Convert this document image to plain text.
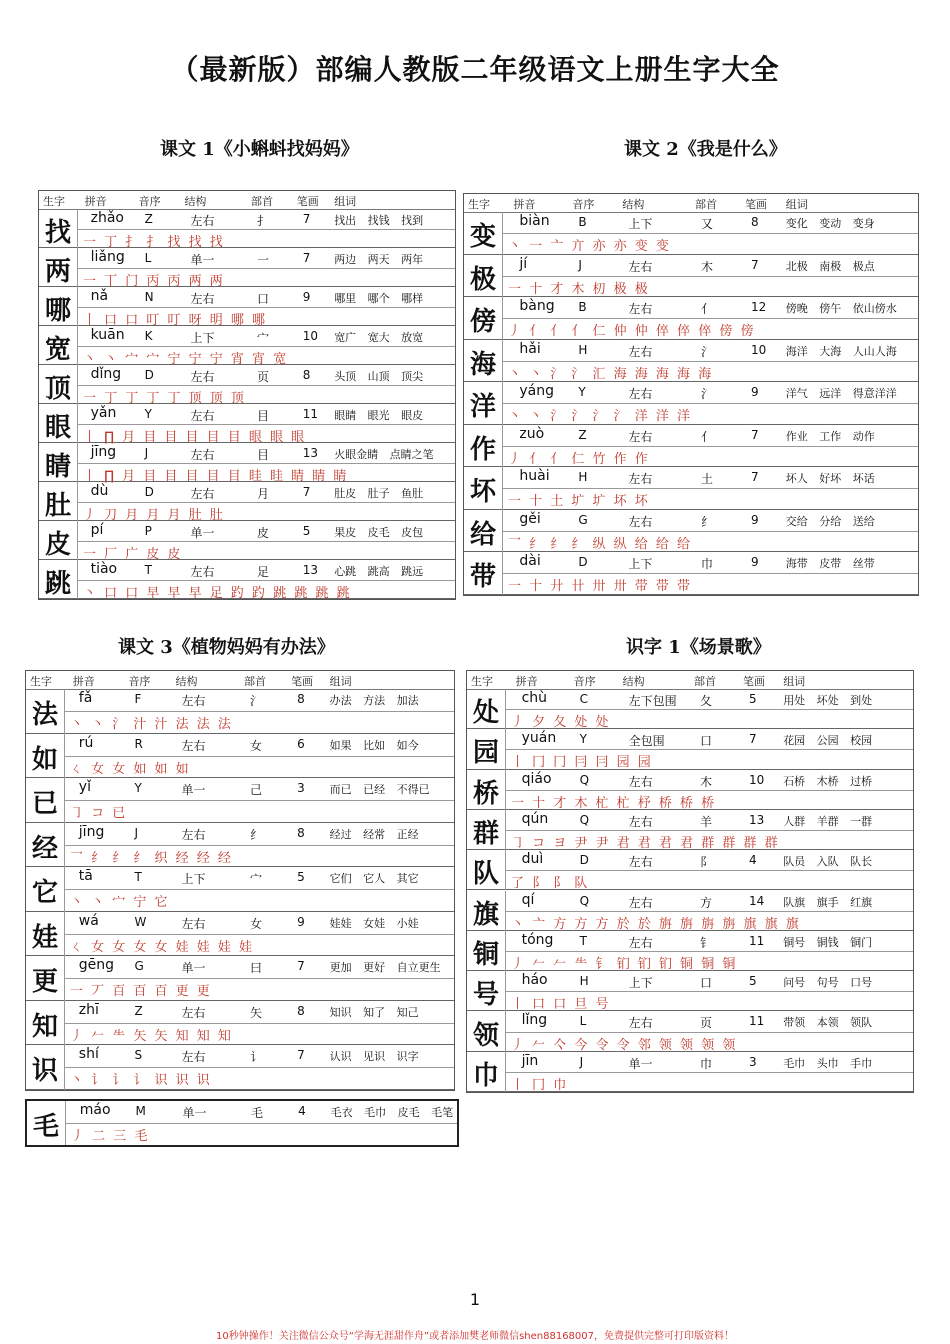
（最新版）部编人教版二年级语文上册生字大全
课文 1《小蝌蚪找妈妈》
生字 拼音	音序 结构	部首 笔画 组词
找	zhǎo Z	左右	扌	7 找出 找钱 找到
一 丁 扌 扌 找 找 找
两	liǎng L	单一	一	7 两边 两天 两年
一 丅 门 丙 丙 两 两
哪	nǎ	N	左右	口	9 哪里 哪个 哪样
丨 口 口 叮 叮 呀 明 哪 哪
宽	kuān K	上下	宀	10 宽广 宽大 放宽
丶 丶 宀 宀 宁 宁 宁 宵 宵 宽
顶	dǐng D	左右	页	8 头顶 山顶 顶尖
一 丁 丁 丁 丁 顶 顶 顶
眼	yǎn Y	左右	目	11 眼睛 眼光 眼皮
丨 ∏ 月 目 目 目 目 目 眼 眼 眼
睛	jīng J	左右	目	13 火眼金睛 点睛之笔
丨 ∏ 月 目 目 目 目 目 眭 眭 睛 睛 睛
肚	dù	D	左右	月	7 肚皮 肚子 鱼肚
丿 刀 月 月 月 肚 肚
皮	pí	P	单一	皮	5 果皮 皮毛 皮包
一 厂 广 皮 皮
跳	tiào T	左右	足	13 心跳 跳高 跳远
丶 口 口 早 早 早 足 趵 趵 跳 跳 跳 跳
课文 2《我是什么》
生字 拼音	音序	结构	部首	笔画 组词
变
biàn B	上下	又	8 变化 变动 变身
丶 一 亠 亣 亦 亦 变 变
极
jí	J	左右	木	7 北极 南极 极点
一 十 才 木 朷 极 极
傍
bàng B	左右	亻	12 傍晚 傍午 依山傍水
丿 亻 亻 亻 仁 仲 仲 倅 倅 倅 傍 傍
海
hǎi	H	左右	氵	10 海洋 大海 人山人海
丶 丶 氵 氵 汇 海 海 海 海 海
洋
yáng Y	左右	氵	9 洋气 远洋 得意洋洋
丶 丶 氵 氵 氵 氵 洋 洋 洋
作
zuò	Z	左右	亻	7 作业 工作 动作
丿 亻 亻 仁 竹 作 作
坏
huài H	左右	土	7 坏人 好坏 坏话
一 十 土 圹 圹 坏 坏
给
gěi	G	左右	纟	9 交给 分给 送给
乛 纟 纟 纟 纵 纵 给 给 给
带
dài	D	上下	巾	9 海带 皮带 丝带
一 十 廾 卄 卅 卅 带 带 带
课文 3《植物妈妈有办法》
生字 拼音	音序 结构	部首 笔画 组词
法
fǎ	F	左右	氵	8 办法 方法 加法
丶 丶 氵 汁 汁 法 法 法
如
rú	R	左右	女	6 如果 比如 如今
ㄑ 女 女 如 如 如
已
yǐ	Y	单一	己	3 而已 已经 不得已
㇆ コ 已
经
jīng	J	左右	纟	8 经过 经常 正经
乛 纟 纟 纟 织 经 经 经
它
tā	T	上下	宀	5 它们 它人 其它
丶 丶 宀 宁 它
娃
wá	W	左右	女	9 娃娃 女娃 小娃
ㄑ 女 女 女 女 娃 娃 娃 娃
更
gēng G	单一	曰	7 更加 更好 自立更生
一 丆 百 百 百 更 更
知
zhī	Z	左右	矢	8 知识 知了 知己
丿 𠂉 ⺧ 矢 矢 知 知 知
识
shí	S	左右	讠	7 认识 见识 识字
丶 讠 讠 讠 识 识 识
毛
máo M	单一	毛	4 毛衣 毛巾 皮毛 毛笔
丿 二 三 毛
识字 1《场景歌》
生字 拼音	音序 结构	部首 笔画 组词
处
chù	C	左下包围 夂	5 用处 坏处 到处
丿 夕 夂 处 处
园
yuán Y	全包围	口	7 花园 公园 校园
丨 冂 冂 冃 冃 园 园
桥
qiáo Q	左右	木	10 石桥 木桥 过桥
一 十 才 木 杧 杧 杼 桥 桥 桥
群
qún	Q	左右	羊	13 人群 羊群 一群
㇆ コ ヨ 尹 尹 君 君 君 君 群 群 群 群
队
duì	D	左右	阝	4 队员 入队 队长
了 阝 阝 队
旗
qí	Q	左右	方	14 队旗 旗手 红旗
丶 亠 方 方 方 於 於 旃 旃 旃 旃 旗 旗 旗
铜
tóng T	左右	钅	11 铜号 铜钱 铜门
丿 𠂉 𠂉 ⺧ 钅 钔 钔 钔 铜 铜 铜
号
háo	H	上下	口	5 问号 句号 口号
丨 口 口 旦 号
领
lǐng	L	左右	页	11 带领 本领 领队
丿 𠂉 亽 今 令 令 邻 领 领 领 领
巾
jīn	J	单一	巾	3 毛巾 头巾 手巾
丨 冂 巾
1
10秒钟操作！关注微信公众号“学海无涯甜作舟”或者添加樊老师微信shen88168007，免费提供完整可打印版资料！
